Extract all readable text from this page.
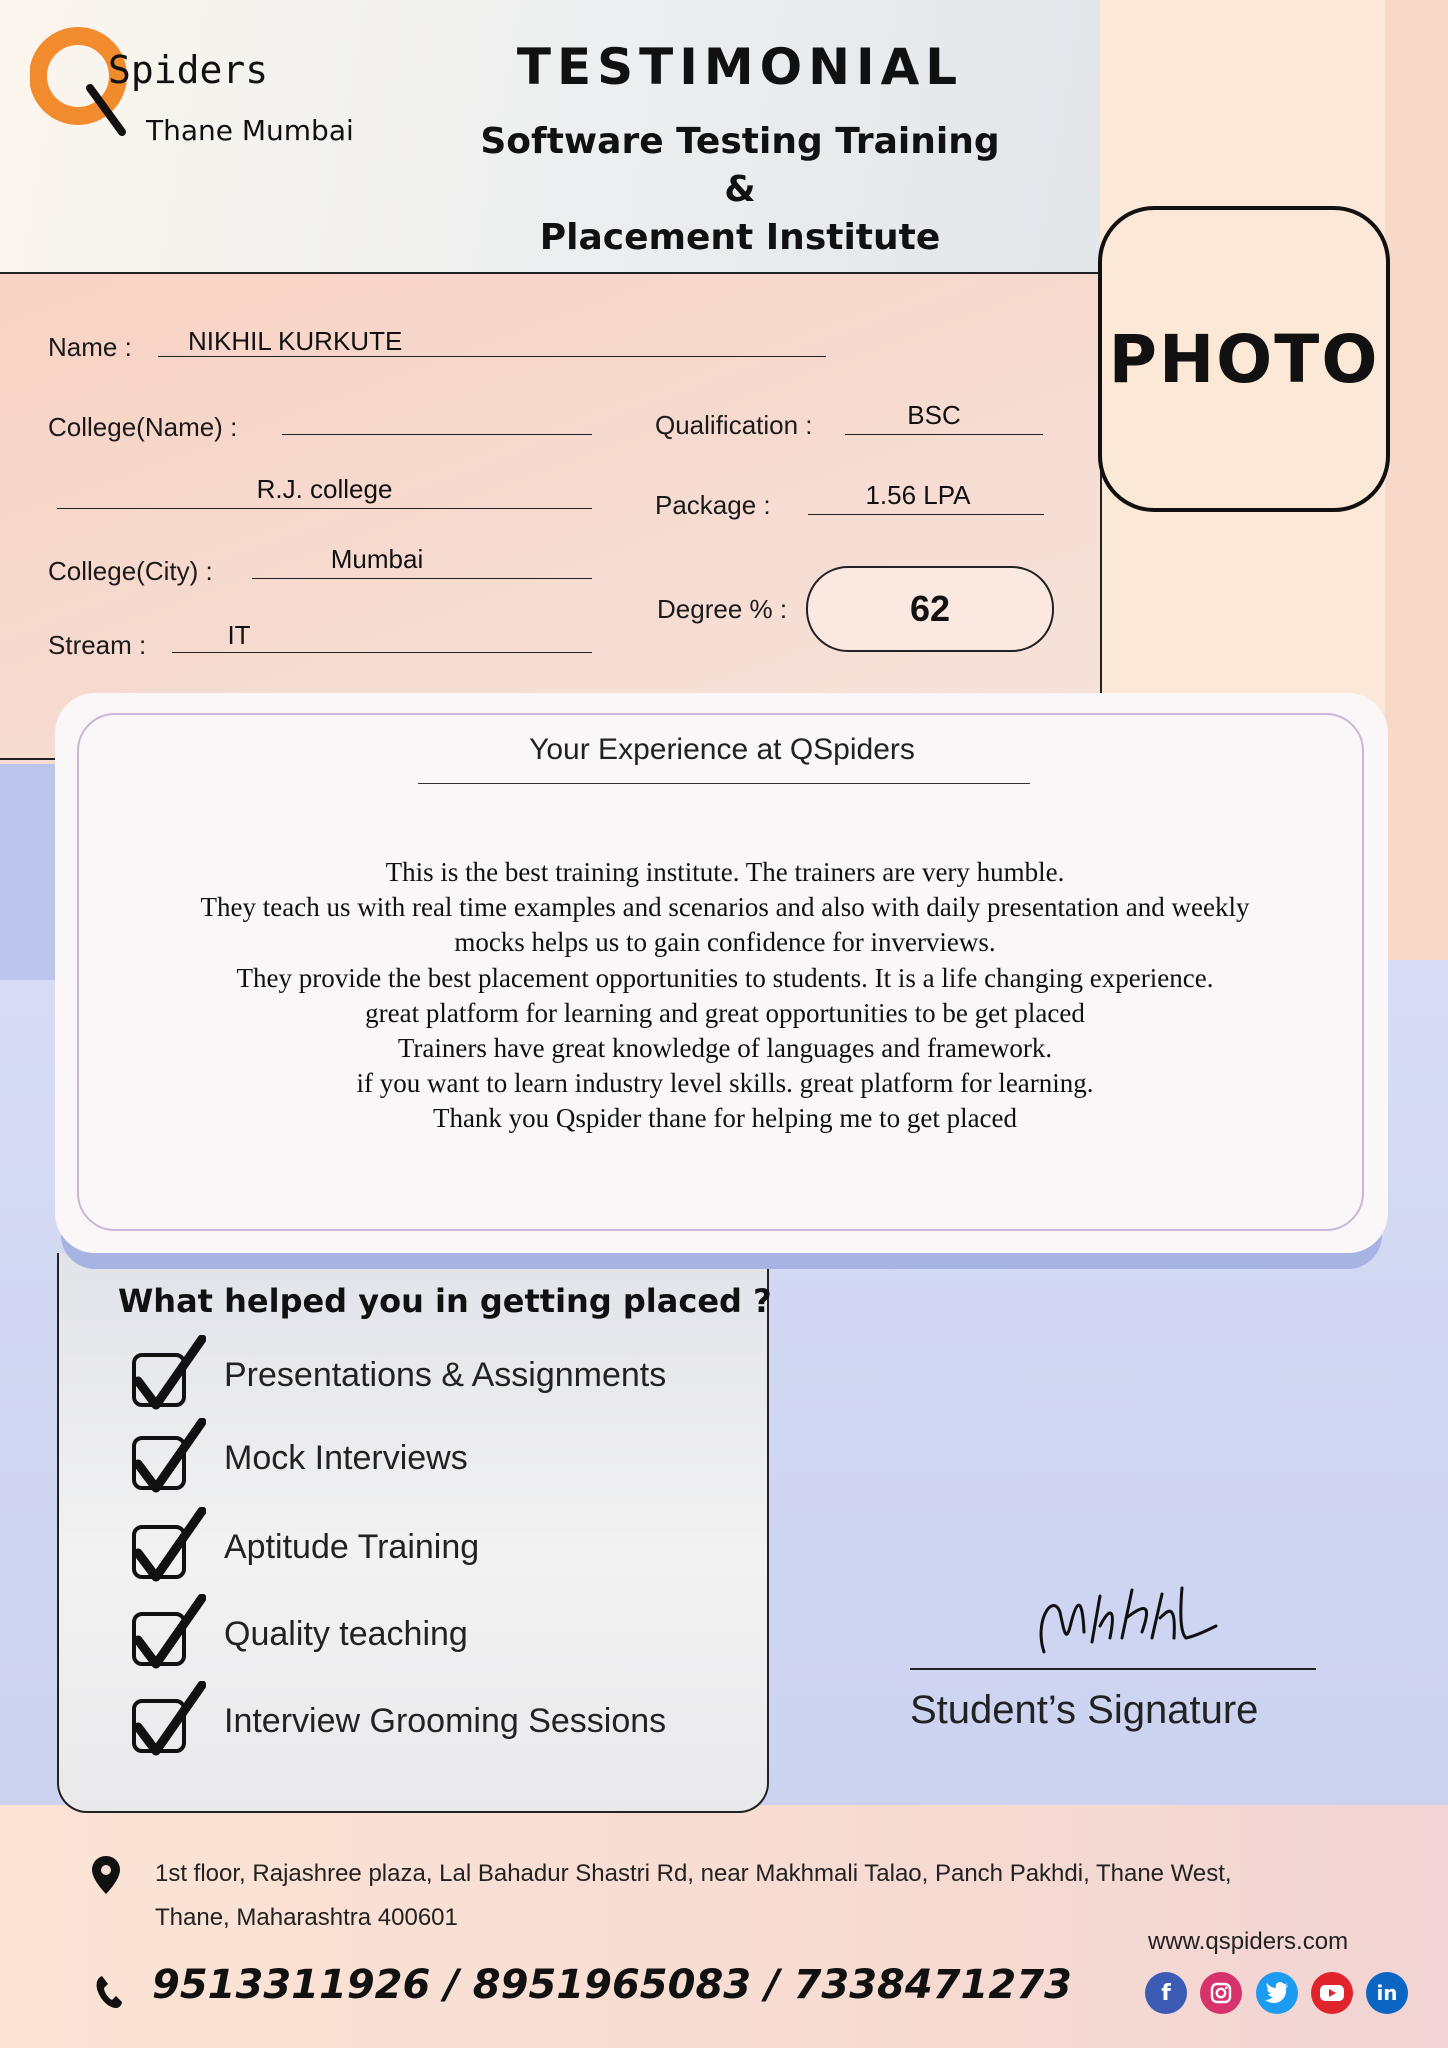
Spiders
Thane Mumbai
TESTIMONIAL
Software Testing Training &
Placement Institute
PHOTO
Name : NIKHIL KURKUTE
College(Name) :
R.J. college
College(City) :	Mumbai
Stream :	IT
Qualification :	BSC
Package :	1.56 LPA
Degree % :	62
Your Experience at QSpiders
This is the best training institute. The trainers are very humble.
They teach us with real time examples and scenarios and also with daily presentation and weekly
mocks helps us to gain confidence for inverviews.
They provide the best placement opportunities to students. It is a life changing experience.
great platform for learning and great opportunities to be get placed
Trainers have great knowledge of languages and framework.
if you want to learn industry level skills. great platform for learning.
Thank you Qspider thane for helping me to get placed
What helped you in getting placed ?
Presentations & Assignments
Mock Interviews
Aptitude Training
Quality teaching
Interview Grooming Sessions	Student’s Signature
1st floor, Rajashree plaza, Lal Bahadur Shastri Rd, near Makhmali Talao, Panch Pakhdi, Thane West,
Thane, Maharashtra 400601
9513311926 / 8951965083 / 7338471273
www.qspiders.com
f	in
